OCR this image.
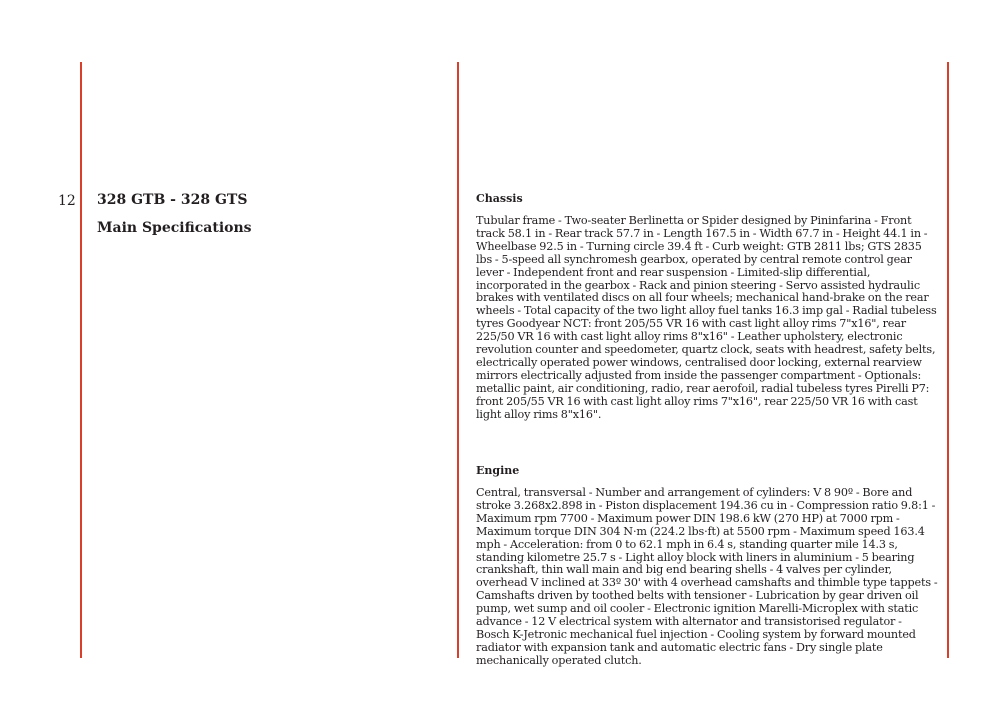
12 328 GTB - 328 GTS
Main Specifications
Chassis

Tubular frame - Two-seater Berlinetta or Spider designed by Pininfarina - Front track 58.1 in - Rear track 57.7 in - Length 167.5 in - Width 67.7 in - Height 44.1 in - Wheelbase 92.5 in - Turning circle 39.4 ft - Curb weight: GTB 2811 lbs; GTS 2835 lbs - 5-speed all synchromesh gearbox, operated by central remote control gear lever - Independent front and rear suspension - Limited-slip differential, incorporated in the gearbox - Rack and pinion steering - Servo assisted hydraulic brakes with ventilated discs on all four wheels; mechanical hand-brake on the rear wheels - Total capacity of the two light alloy fuel tanks 16.3 imp gal - Radial tubeless tyres Goodyear NCT: front 205/55 VR 16 with cast light alloy rims 7"x16", rear 225/50 VR 16 with cast light alloy rims 8"x16" - Leather upholstery, electronic revolution counter and speedometer, quartz clock, seats with headrest, safety belts, electrically operated power windows, centralised door locking, external rearview mirrors electrically adjusted from inside the passenger compartment - Optionals: metallic paint, air conditioning, radio, rear aerofoil, radial tubeless tyres Pirelli P7: front 205/55 VR 16 with cast light alloy rims 7"x16", rear 225/50 VR 16 with cast light alloy rims 8"x16".

Engine

Central, transversal - Number and arrangement of cylinders: V 8 90º - Bore and stroke 3.268x2.898 in - Piston displacement 194.36 cu in - Compression ratio 9.8:1 - Maximum rpm 7700 - Maximum power DIN 198.6 kW (270 HP) at 7000 rpm - Maximum torque DIN 304 N·m (224.2 lbs·ft) at 5500 rpm - Maximum speed 163.4 mph - Acceleration: from 0 to 62.1 mph in 6.4 s, standing quarter mile 14.3 s, standing kilometre 25.7 s - Light alloy block with liners in aluminium - 5 bearing crankshaft, thin wall main and big end bearing shells - 4 valves per cylinder, overhead V inclined at 33º 30' with 4 overhead camshafts and thimble type tappets - Camshafts driven by toothed belts with tensioner - Lubrication by gear driven oil pump, wet sump and oil cooler - Electronic ignition Marelli-Microplex with static advance - 12 V electrical system with alternator and transistorised regulator - Bosch K-Jetronic mechanical fuel injection - Cooling system by forward mounted radiator with expansion tank and automatic electric fans - Dry single plate mechanically operated clutch.
